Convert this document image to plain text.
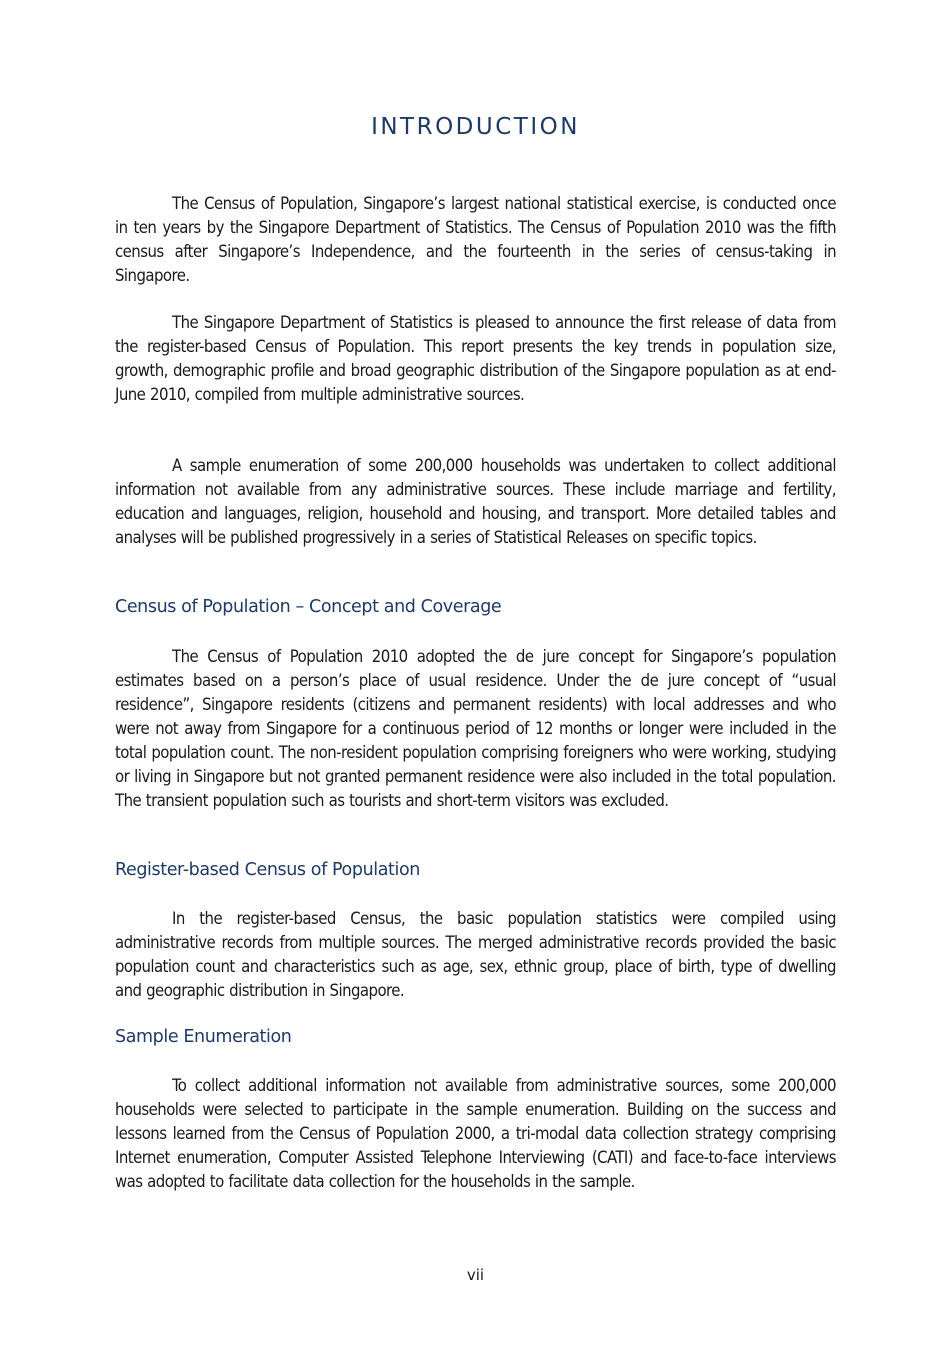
INTRODUCTION

The Census of Population, Singapore’s largest national statistical exercise, is conducted once in ten years by the Singapore Department of Statistics. The Census of Population 2010 was the fifth census after Singapore’s Independence, and the fourteenth in the series of census-taking in Singapore.

The Singapore Department of Statistics is pleased to announce the first release of data from the register-based Census of Population. This report presents the key trends in population size, growth, demographic profile and broad geographic distribution of the Singapore population as at end-June 2010, compiled from multiple administrative sources.

A sample enumeration of some 200,000 households was undertaken to collect additional information not available from any administrative sources. These include marriage and fertility, education and languages, religion, household and housing, and transport. More detailed tables and analyses will be published progressively in a series of Statistical Releases on specific topics.

Census of Population – Concept and Coverage

The Census of Population 2010 adopted the de jure concept for Singapore’s population estimates based on a person’s place of usual residence. Under the de jure concept of “usual residence”, Singapore residents (citizens and permanent residents) with local addresses and who were not away from Singapore for a continuous period of 12 months or longer were included in the total population count. The non-resident population comprising foreigners who were working, studying or living in Singapore but not granted permanent residence were also included in the total population. The transient population such as tourists and short-term visitors was excluded.

Register-based Census of Population

In the register-based Census, the basic population statistics were compiled using administrative records from multiple sources. The merged administrative records provided the basic population count and characteristics such as age, sex, ethnic group, place of birth, type of dwelling and geographic distribution in Singapore.

Sample Enumeration

To collect additional information not available from administrative sources, some 200,000 households were selected to participate in the sample enumeration. Building on the success and lessons learned from the Census of Population 2000, a tri-modal data collection strategy comprising Internet enumeration, Computer Assisted Telephone Interviewing (CATI) and face-to-face interviews was adopted to facilitate data collection for the households in the sample.

vii
